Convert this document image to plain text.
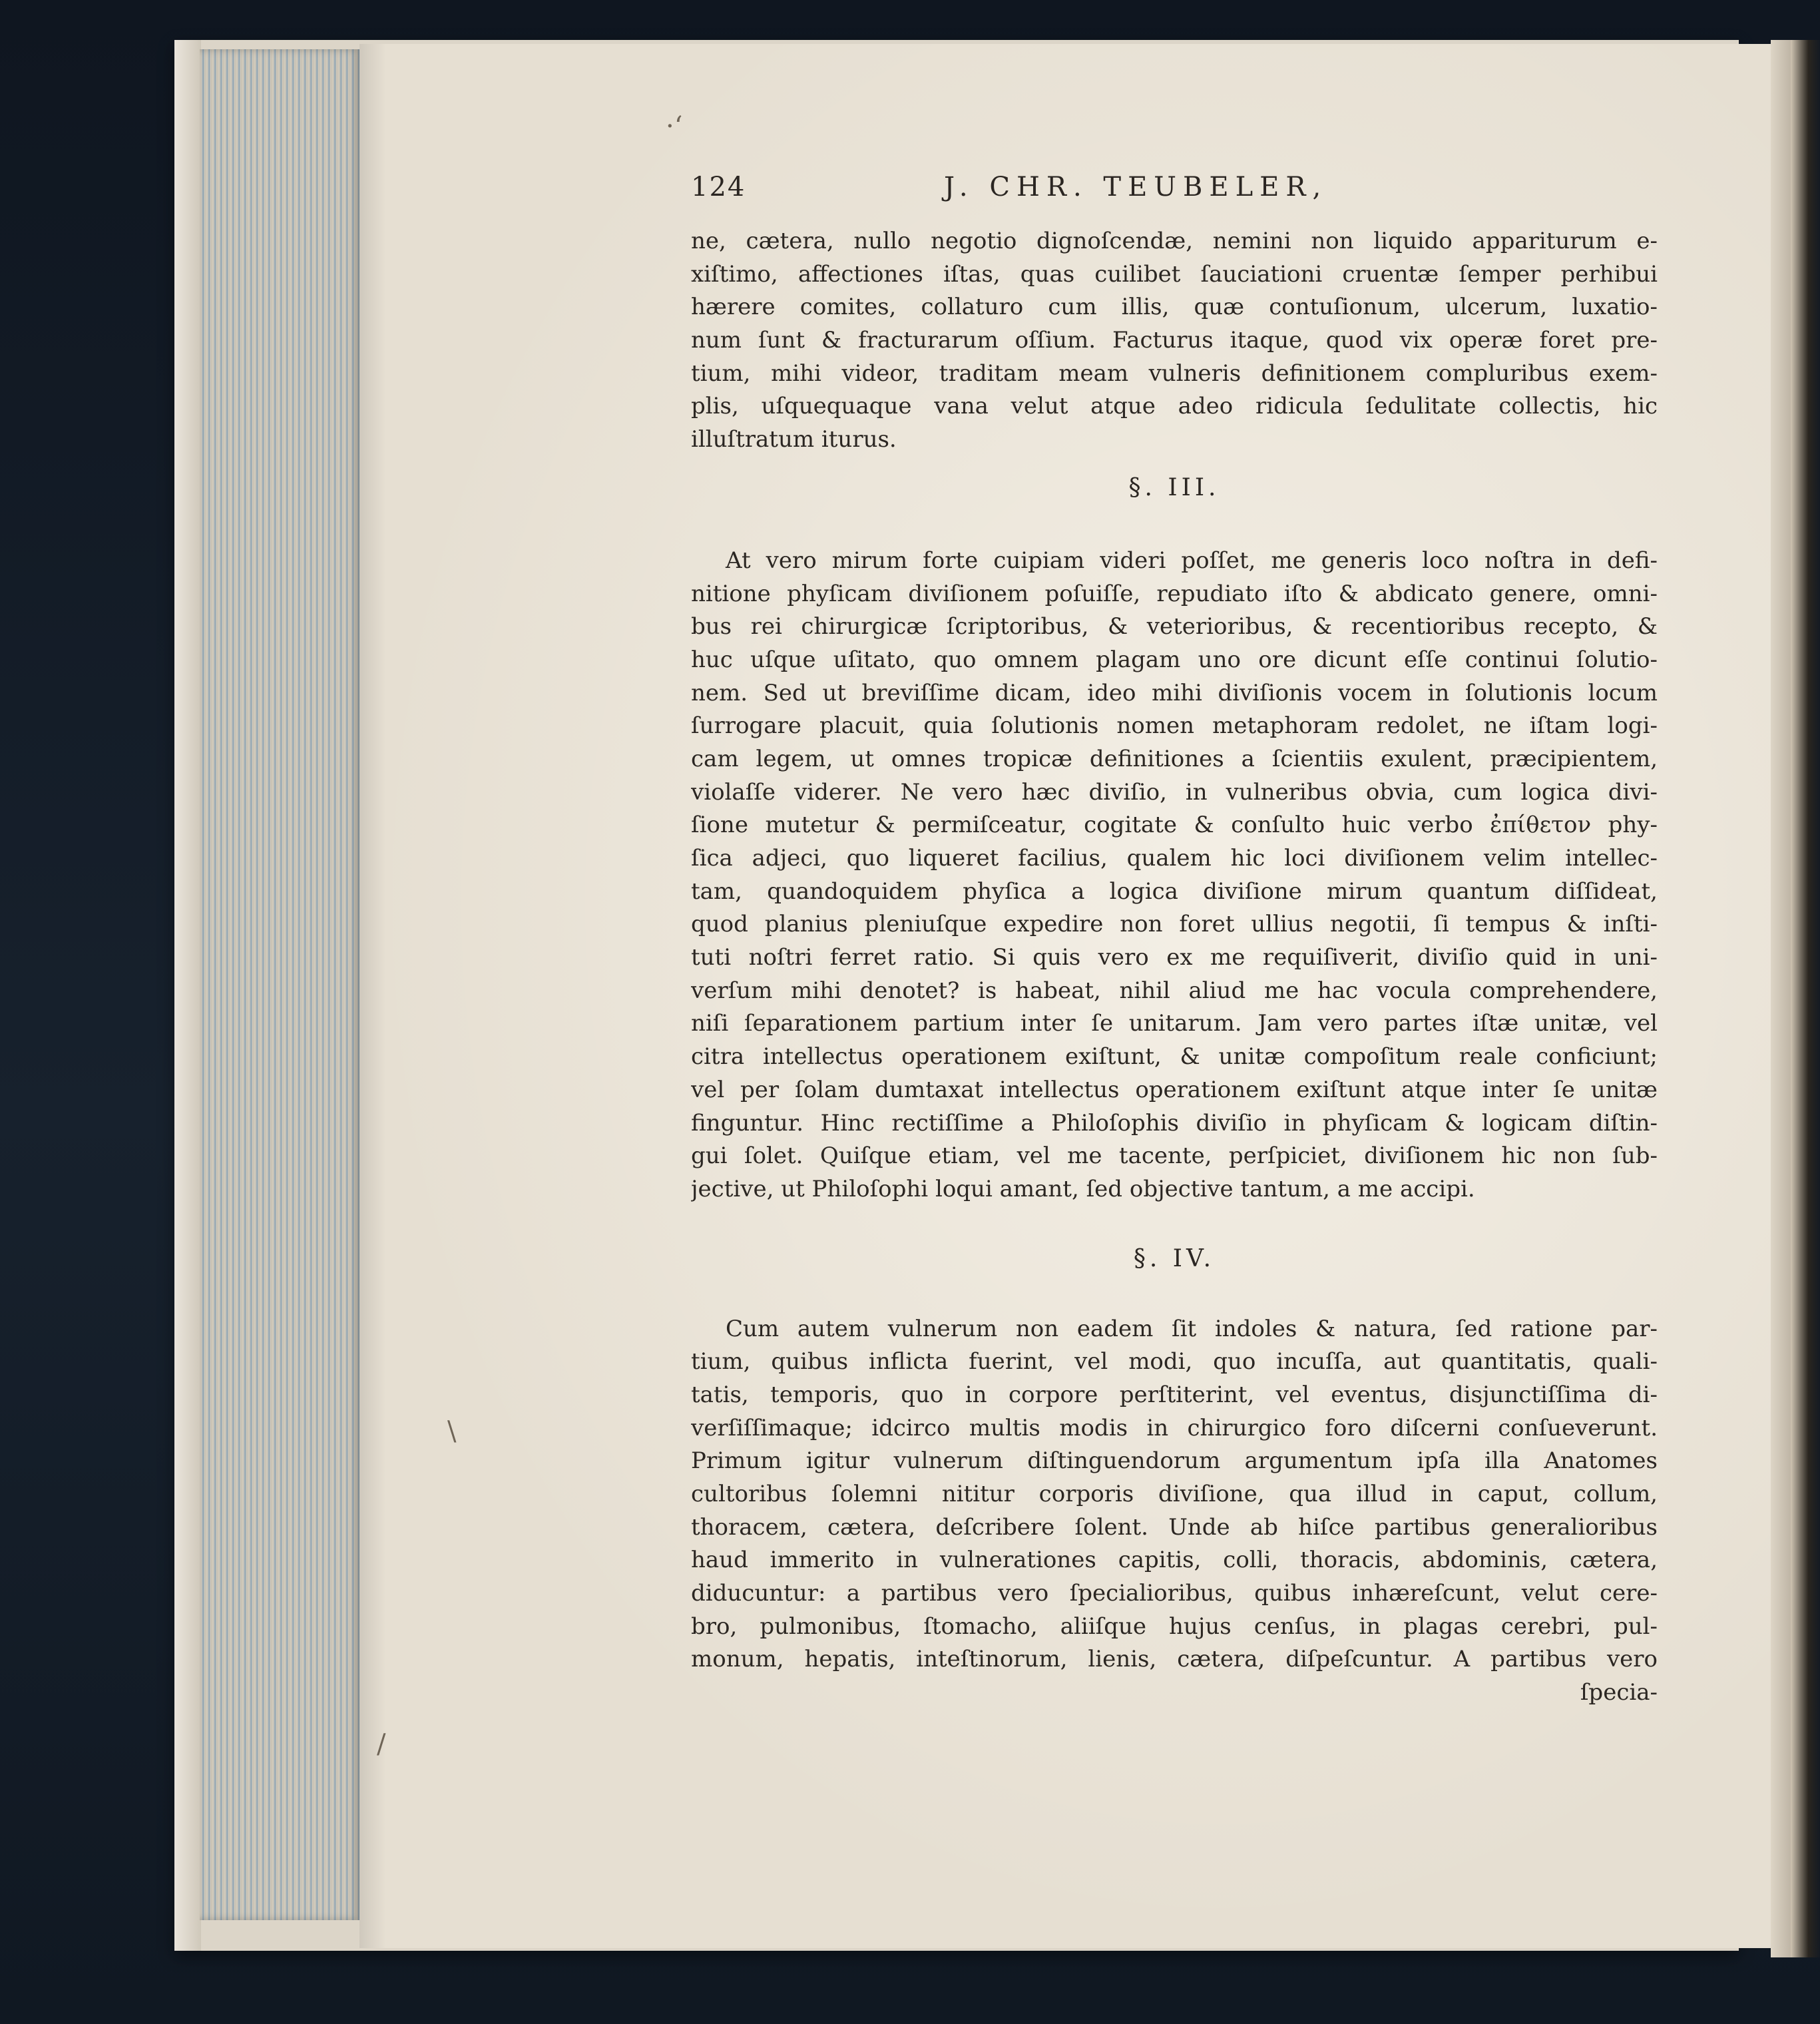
·ʻ
\
/
124	J. CHR. TEUBELER,
ne, cætera, nullo negotio dignoſcendæ, nemini non liquido appariturum e-
xiſtimo, affectiones iſtas, quas cuilibet ſauciationi cruentæ ſemper perhibui
hærere comites, collaturo cum illis, quæ contuſionum, ulcerum, luxatio-
num ſunt & fracturarum oſſium. Facturus itaque, quod vix operæ foret pre-
tium, mihi videor, traditam meam vulneris definitionem compluribus exem-
plis, uſquequaque vana velut atque adeo ridicula ſedulitate collectis, hic
illuſtratum iturus.
§. III.
At vero mirum forte cuipiam videri poſſet, me generis loco noſtra in defi-
nitione phyſicam diviſionem poſuiſſe, repudiato iſto & abdicato genere, omni-
bus rei chirurgicæ ſcriptoribus, & veterioribus, & recentioribus recepto, &
huc uſque uſitato, quo omnem plagam uno ore dicunt eſſe continui ſolutio-
nem. Sed ut breviſſime dicam, ideo mihi diviſionis vocem in ſolutionis locum
ſurrogare placuit, quia ſolutionis nomen metaphoram redolet, ne iſtam logi-
cam legem, ut omnes tropicæ definitiones a ſcientiis exulent, præcipientem,
violaſſe viderer. Ne vero hæc diviſio, in vulneribus obvia, cum logica divi-
ſione mutetur & permiſceatur, cogitate & conſulto huic verbo ἐπίθετον phy-
ſica adjeci, quo liqueret facilius, qualem hic loci diviſionem velim intellec-
tam, quandoquidem phyſica a logica diviſione mirum quantum diſſideat,
quod planius pleniuſque expedire non foret ullius negotii, ſi tempus & inſti-
tuti noſtri ferret ratio. Si quis vero ex me requiſiverit, diviſio quid in uni-
verſum mihi denotet? is habeat, nihil aliud me hac vocula comprehendere,
niſi ſeparationem partium inter ſe unitarum. Jam vero partes iſtæ unitæ, vel
citra intellectus operationem exiſtunt, & unitæ compoſitum reale conficiunt;
vel per ſolam dumtaxat intellectus operationem exiſtunt atque inter ſe unitæ
finguntur. Hinc rectiſſime a Philoſophis diviſio in phyſicam & logicam diſtin-
gui ſolet. Quiſque etiam, vel me tacente, perſpiciet, diviſionem hic non ſub-
jective, ut Philoſophi loqui amant, ſed objective tantum, a me accipi.
§. IV.
Cum autem vulnerum non eadem ſit indoles & natura, ſed ratione par-
tium, quibus inflicta fuerint, vel modi, quo incuſſa, aut quantitatis, quali-
tatis, temporis, quo in corpore perſtiterint, vel eventus, disjunctiſſima di-
verſiſſimaque; idcirco multis modis in chirurgico foro diſcerni conſueverunt.
Primum igitur vulnerum diſtinguendorum argumentum ipſa illa Anatomes
cultoribus ſolemni nititur corporis diviſione, qua illud in caput, collum,
thoracem, cætera, deſcribere ſolent. Unde ab hiſce partibus generalioribus
haud immerito in vulnerationes capitis, colli, thoracis, abdominis, cætera,
diducuntur: a partibus vero ſpecialioribus, quibus inhæreſcunt, velut cere-
bro, pulmonibus, ſtomacho, aliiſque hujus cenſus, in plagas cerebri, pul-
monum, hepatis, inteſtinorum, lienis, cætera, diſpeſcuntur. A partibus vero
ſpecia-
